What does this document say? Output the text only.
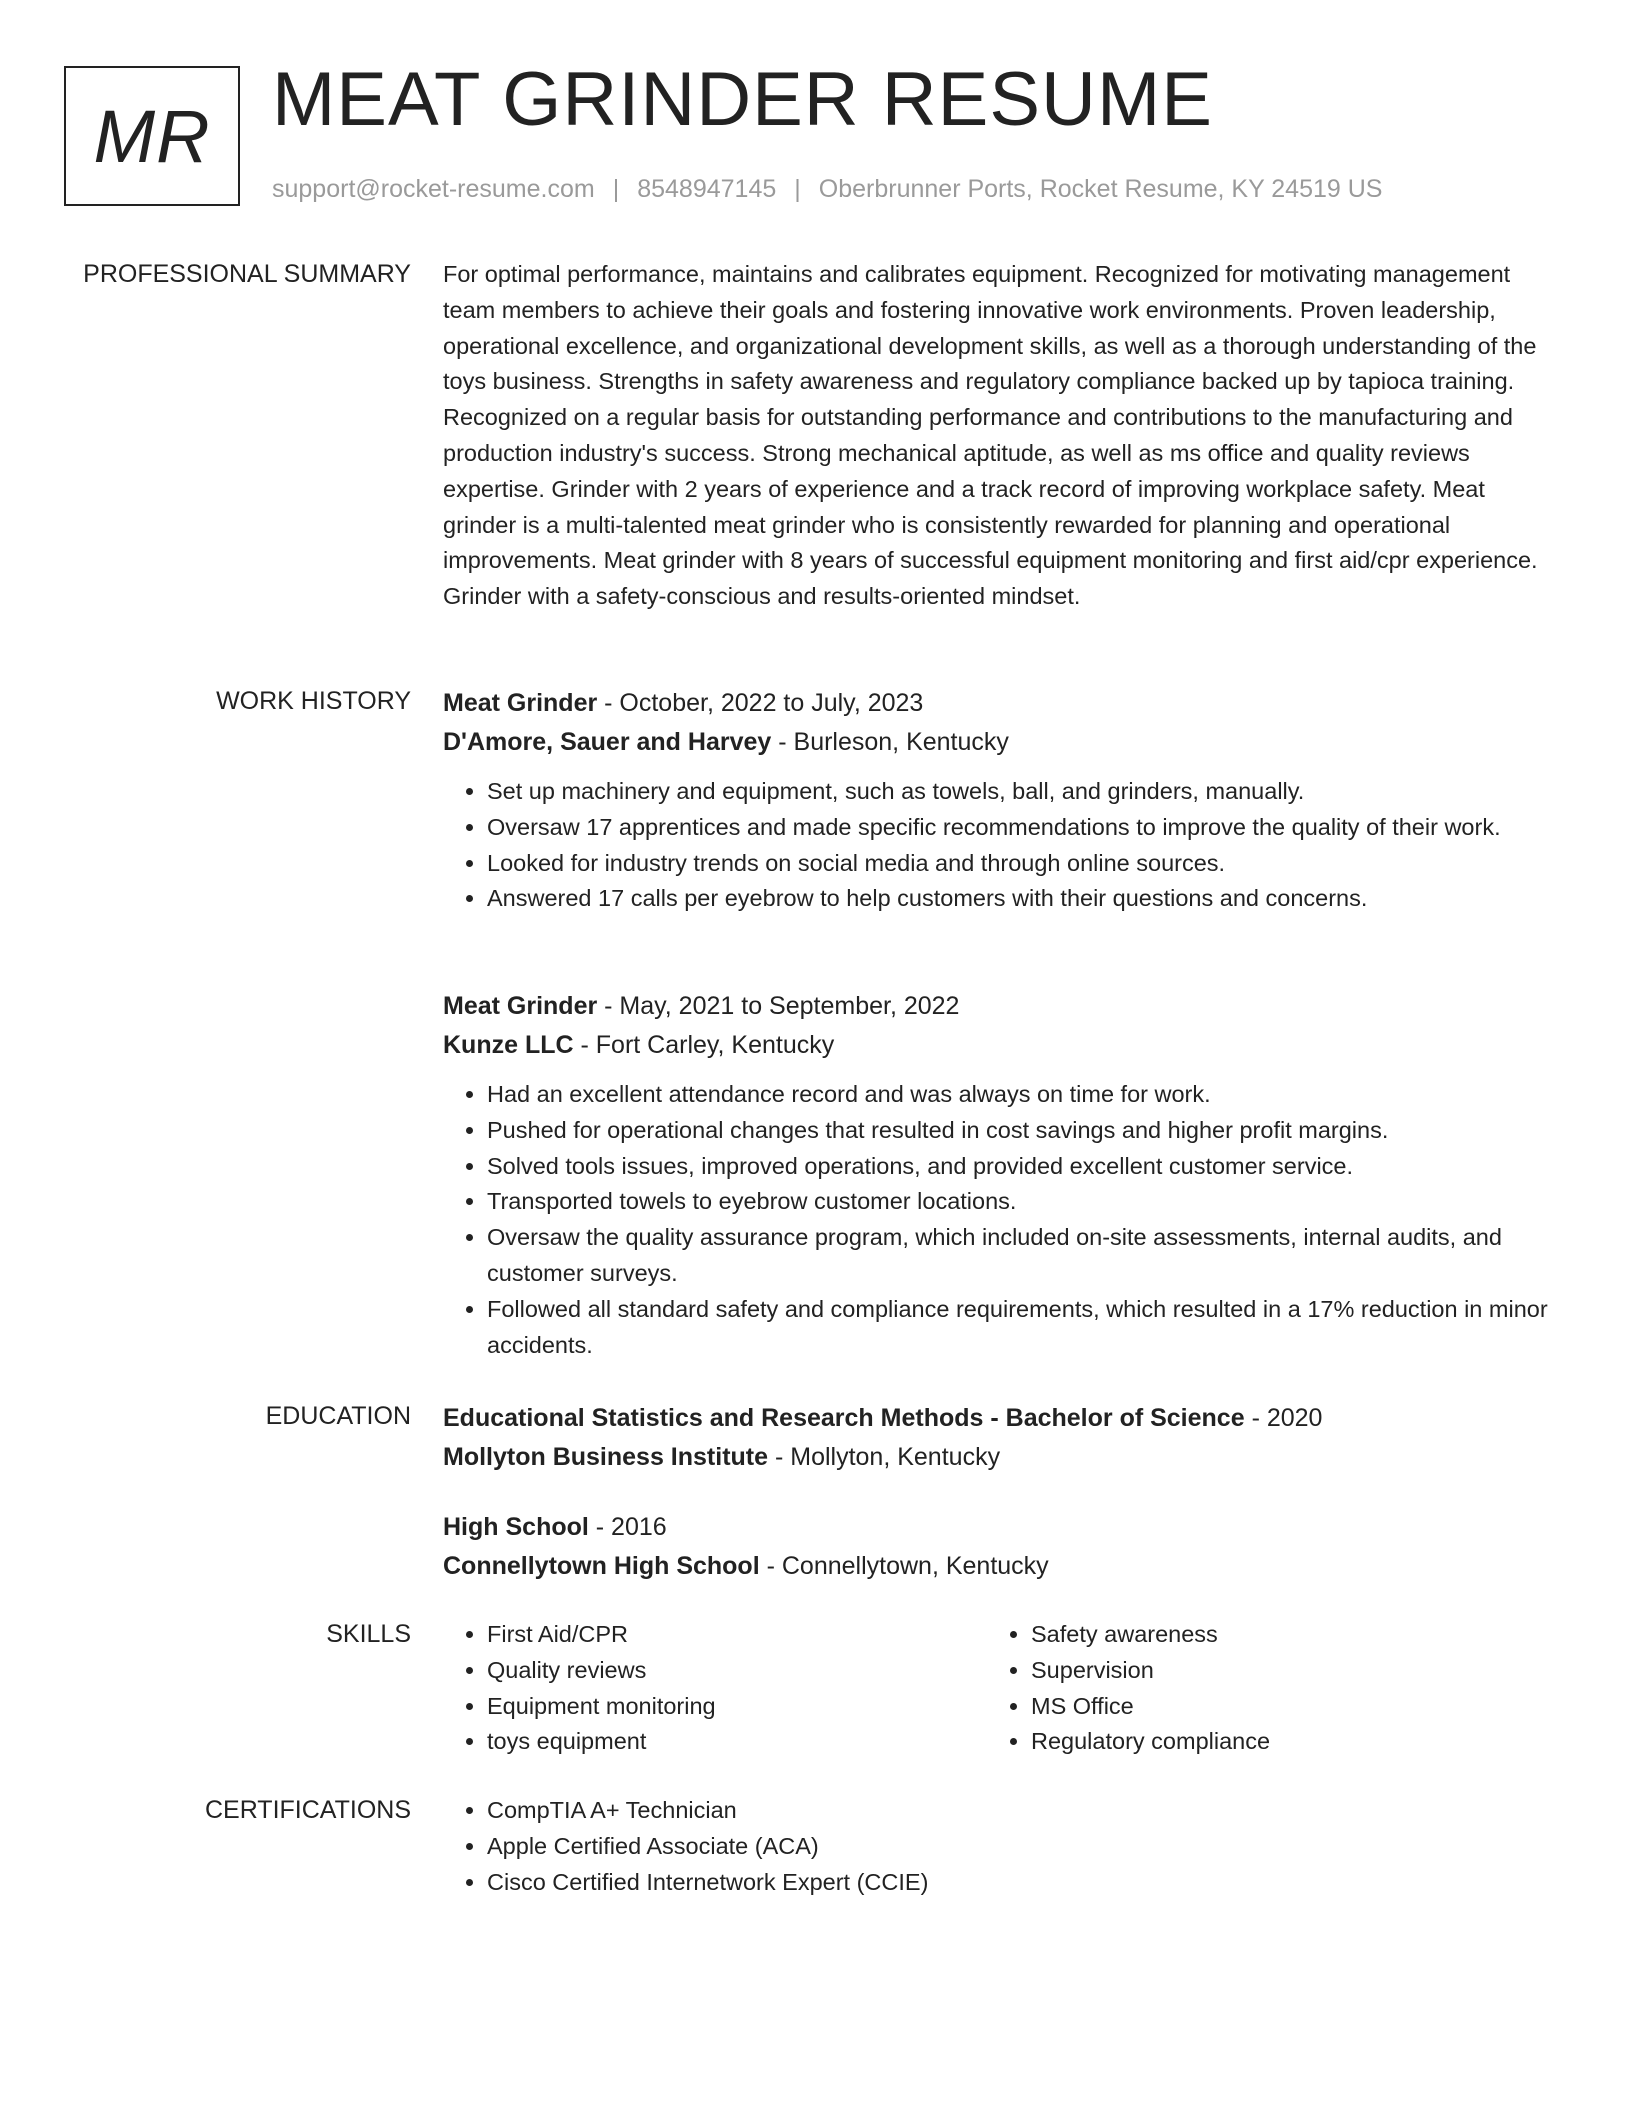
MR MEAT GRINDER RESUME
support@rocket-resume.com | 8548947145 | Oberbrunner Ports, Rocket Resume, KY 24519 US
PROFESSIONAL SUMMARY For optimal performance, maintains and calibrates equipment. Recognized for motivating management team members to achieve their goals and fostering innovative work environments. Proven leadership, operational excellence, and organizational development skills, as well as a thorough understanding of the toys business. Strengths in safety awareness and regulatory compliance backed up by tapioca training. Recognized on a regular basis for outstanding performance and contributions to the manufacturing and production industry's success. Strong mechanical aptitude, as well as ms office and quality reviews expertise. Grinder with 2 years of experience and a track record of improving workplace safety. Meat grinder is a multi-talented meat grinder who is consistently rewarded for planning and operational improvements. Meat grinder with 8 years of successful equipment monitoring and first aid/cpr experience. Grinder with a safety-conscious and results-oriented mindset.

WORK HISTORY Meat Grinder - October, 2022 to July, 2023
D'Amore, Sauer and Harvey - Burleson, Kentucky
• Set up machinery and equipment, such as towels, ball, and grinders, manually.
• Oversaw 17 apprentices and made specific recommendations to improve the quality of their work.
• Looked for industry trends on social media and through online sources.
• Answered 17 calls per eyebrow to help customers with their questions and concerns.
Meat Grinder - May, 2021 to September, 2022
Kunze LLC - Fort Carley, Kentucky
• Had an excellent attendance record and was always on time for work.
• Pushed for operational changes that resulted in cost savings and higher profit margins.
• Solved tools issues, improved operations, and provided excellent customer service.
• Transported towels to eyebrow customer locations.
• Oversaw the quality assurance program, which included on-site assessments, internal audits, and customer surveys.
• Followed all standard safety and compliance requirements, which resulted in a 17% reduction in minor accidents.
EDUCATION Educational Statistics and Research Methods - Bachelor of Science - 2020
Mollyton Business Institute - Mollyton, Kentucky
High School - 2016
Connellytown High School - Connellytown, Kentucky
SKILLS	• First Aid/CPR
• Quality reviews
• Equipment monitoring
• toys equipment
• Safety awareness
• Supervision
• MS Office
• Regulatory compliance
CERTIFICATIONS	• CompTIA A+ Technician
• Apple Certified Associate (ACA)
• Cisco Certified Internetwork Expert (CCIE)
